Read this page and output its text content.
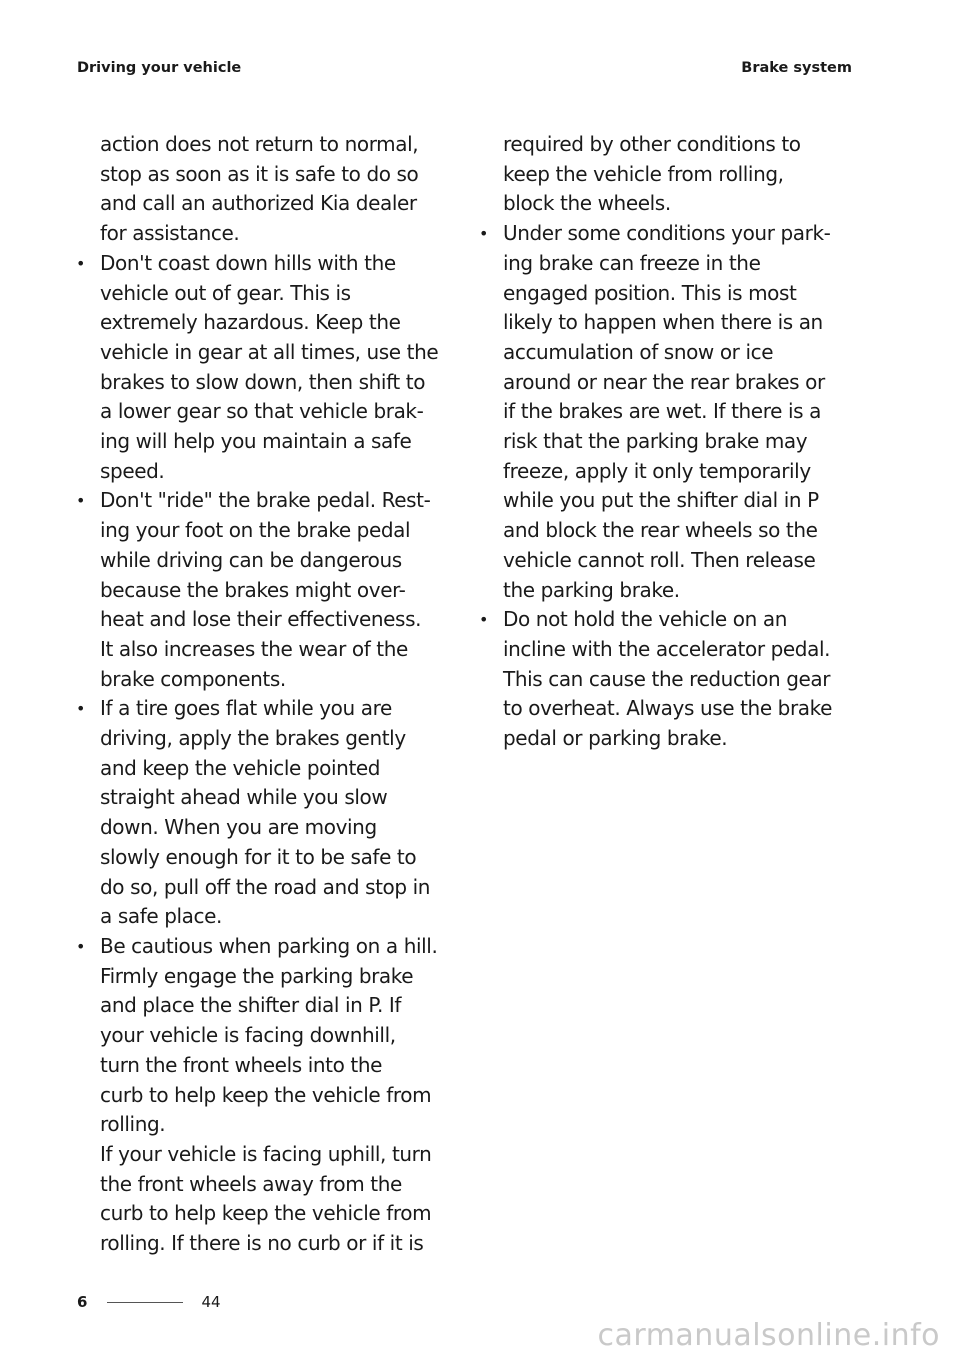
Driving your vehicle	Brake system

action does not return to normal,
stop as soon as it is safe to do so
and call an authorized Kia dealer
for assistance.

• Don't coast down hills with the
vehicle out of gear. This is
extremely hazardous. Keep the
vehicle in gear at all times, use the
brakes to slow down, then shift to
a lower gear so that vehicle brak-
ing will help you maintain a safe
speed.

• Don't "ride" the brake pedal. Rest-
ing your foot on the brake pedal
while driving can be dangerous
because the brakes might over-
heat and lose their effectiveness.
It also increases the wear of the
brake components.

• If a tire goes flat while you are
driving, apply the brakes gently
and keep the vehicle pointed
straight ahead while you slow
down. When you are moving
slowly enough for it to be safe to
do so, pull off the road and stop in
a safe place.

• Be cautious when parking on a hill.
Firmly engage the parking brake
and place the shifter dial in P. If
your vehicle is facing downhill,
turn the front wheels into the
curb to help keep the vehicle from
rolling.

If your vehicle is facing uphill, turn
the front wheels away from the
curb to help keep the vehicle from
rolling. If there is no curb or if it is

required by other conditions to
keep the vehicle from rolling,
block the wheels.

• Under some conditions your park-
ing brake can freeze in the
engaged position. This is most
likely to happen when there is an
accumulation of snow or ice
around or near the rear brakes or
if the brakes are wet. If there is a
risk that the parking brake may
freeze, apply it only temporarily
while you put the shifter dial in P
and block the rear wheels so the
vehicle cannot roll. Then release
the parking brake.

• Do not hold the vehicle on an
incline with the accelerator pedal.
This can cause the reduction gear
to overheat. Always use the brake
pedal or parking brake.

6	44
carmanualsonline.info
